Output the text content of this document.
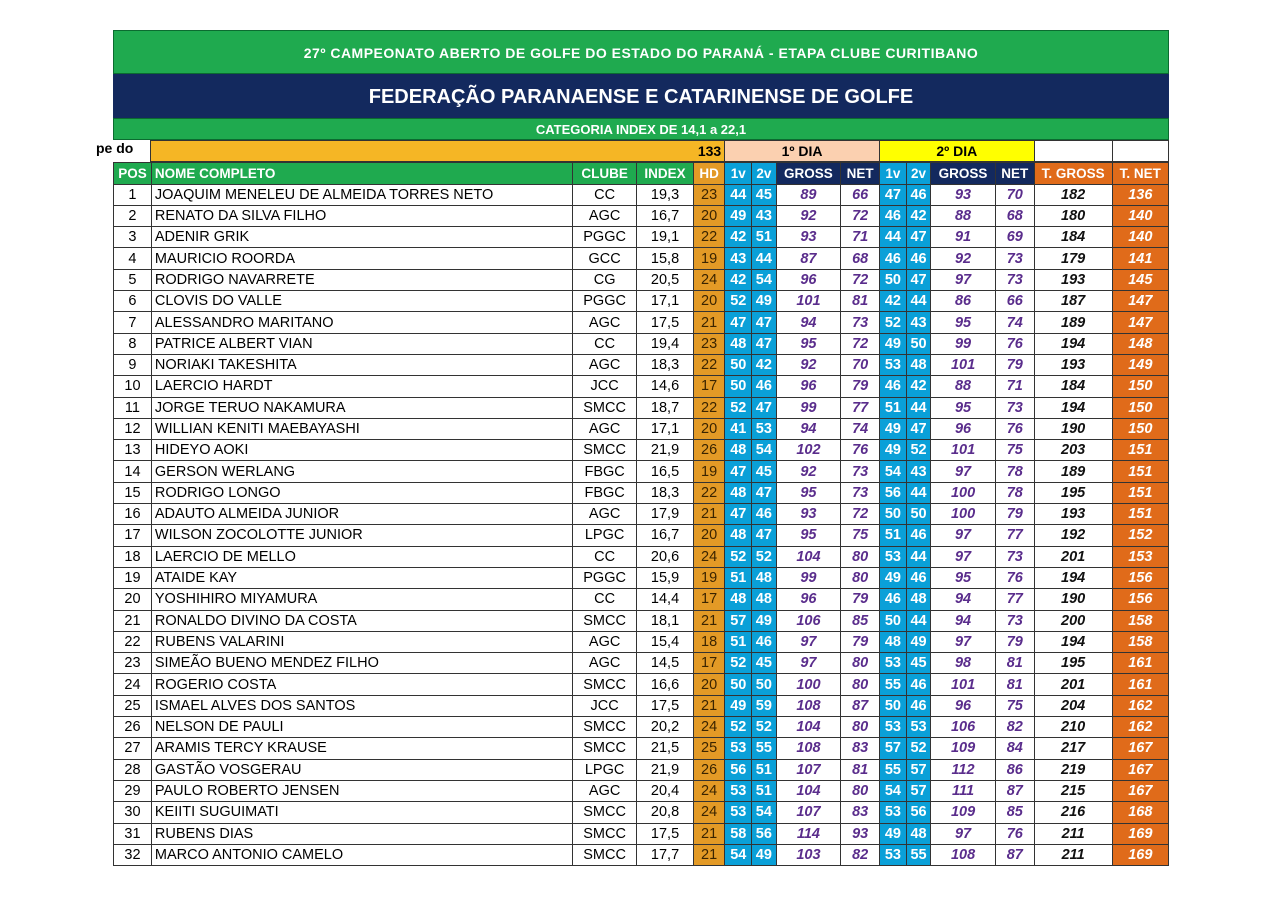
27º CAMPEONATO ABERTO DE GOLFE DO ESTADO DO PARANÁ - ETAPA CLUBE CURITIBANO
FEDERAÇÃO PARANAENSE E CATARINENSE DE GOLFE
CATEGORIA INDEX DE 14,1 a 22,1
pe do
		133	1º DIA	2º DIA		
POS	NOME COMPLETO	CLUBE	INDEX	HD	1v	2v	GROSS	NET	1v	2v	GROSS	NET	T. GROSS	T. NET
1	JOAQUIM MENELEU DE ALMEIDA TORRES NETO	CC	19,3	23	44	45	89	66	47	46	93	70	182	136
2	RENATO DA SILVA FILHO	AGC	16,7	20	49	43	92	72	46	42	88	68	180	140
3	ADENIR GRIK	PGGC	19,1	22	42	51	93	71	44	47	91	69	184	140
4	MAURICIO ROORDA	GCC	15,8	19	43	44	87	68	46	46	92	73	179	141
5	RODRIGO NAVARRETE	CG	20,5	24	42	54	96	72	50	47	97	73	193	145
6	CLOVIS DO VALLE	PGGC	17,1	20	52	49	101	81	42	44	86	66	187	147
7	ALESSANDRO MARITANO	AGC	17,5	21	47	47	94	73	52	43	95	74	189	147
8	PATRICE ALBERT VIAN	CC	19,4	23	48	47	95	72	49	50	99	76	194	148
9	NORIAKI TAKESHITA	AGC	18,3	22	50	42	92	70	53	48	101	79	193	149
10	LAERCIO HARDT	JCC	14,6	17	50	46	96	79	46	42	88	71	184	150
11	JORGE TERUO NAKAMURA	SMCC	18,7	22	52	47	99	77	51	44	95	73	194	150
12	WILLIAN KENITI MAEBAYASHI	AGC	17,1	20	41	53	94	74	49	47	96	76	190	150
13	HIDEYO AOKI	SMCC	21,9	26	48	54	102	76	49	52	101	75	203	151
14	GERSON WERLANG	FBGC	16,5	19	47	45	92	73	54	43	97	78	189	151
15	RODRIGO LONGO	FBGC	18,3	22	48	47	95	73	56	44	100	78	195	151
16	ADAUTO ALMEIDA JUNIOR	AGC	17,9	21	47	46	93	72	50	50	100	79	193	151
17	WILSON ZOCOLOTTE JUNIOR	LPGC	16,7	20	48	47	95	75	51	46	97	77	192	152
18	LAERCIO DE MELLO	CC	20,6	24	52	52	104	80	53	44	97	73	201	153
19	ATAIDE KAY	PGGC	15,9	19	51	48	99	80	49	46	95	76	194	156
20	YOSHIHIRO MIYAMURA	CC	14,4	17	48	48	96	79	46	48	94	77	190	156
21	RONALDO DIVINO DA COSTA	SMCC	18,1	21	57	49	106	85	50	44	94	73	200	158
22	RUBENS VALARINI	AGC	15,4	18	51	46	97	79	48	49	97	79	194	158
23	SIMEÃO BUENO MENDEZ FILHO	AGC	14,5	17	52	45	97	80	53	45	98	81	195	161
24	ROGERIO COSTA	SMCC	16,6	20	50	50	100	80	55	46	101	81	201	161
25	ISMAEL ALVES DOS SANTOS	JCC	17,5	21	49	59	108	87	50	46	96	75	204	162
26	NELSON DE PAULI	SMCC	20,2	24	52	52	104	80	53	53	106	82	210	162
27	ARAMIS TERCY KRAUSE	SMCC	21,5	25	53	55	108	83	57	52	109	84	217	167
28	GASTÃO VOSGERAU	LPGC	21,9	26	56	51	107	81	55	57	112	86	219	167
29	PAULO ROBERTO JENSEN	AGC	20,4	24	53	51	104	80	54	57	111	87	215	167
30	KEIITI SUGUIMATI	SMCC	20,8	24	53	54	107	83	53	56	109	85	216	168
31	RUBENS DIAS	SMCC	17,5	21	58	56	114	93	49	48	97	76	211	169
32	MARCO ANTONIO CAMELO	SMCC	17,7	21	54	49	103	82	53	55	108	87	211	169
